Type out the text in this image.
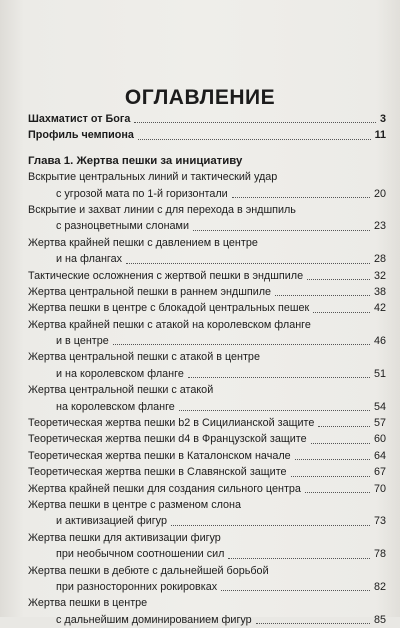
ОГЛАВЛЕНИЕ
Шахматист от Бога	3
Профиль чемпиона	11
Глава 1. Жертва пешки за инициативу
Вскрытие центральных линий и тактический удар
с угрозой мата по 1-й горизонтали	20
Вскрытие и захват линии с для перехода в эндшпиль
с разноцветными слонами	23
Жертва крайней пешки с давлением в центре
и на флангах	28
Тактические осложнения с жертвой пешки в эндшпиле	32
Жертва центральной пешки в раннем эндшпиле	38
Жертва пешки в центре с блокадой центральных пешек	42
Жертва крайней пешки с атакой на королевском фланге
и в центре	46
Жертва центральной пешки с атакой в центре
и на королевском фланге	51
Жертва центральной пешки с атакой
на королевском фланге	54
Теоретическая жертва пешки b2 в Сицилианской защите	57
Теоретическая жертва пешки d4 в Французской защите	60
Теоретическая жертва пешки в Каталонском начале	64
Теоретическая жертва пешки в Славянской защите	67
Жертва крайней пешки для создания сильного центра	70
Жертва пешки в центре с разменом слона
и активизацией фигур	73
Жертва пешки для активизации фигур
при необычном соотношении сил	78
Жертва пешки в дебюте с дальнейшей борьбой
при разносторонних рокировках	82
Жертва пешки в центре
с дальнейшим доминированием фигур	85
